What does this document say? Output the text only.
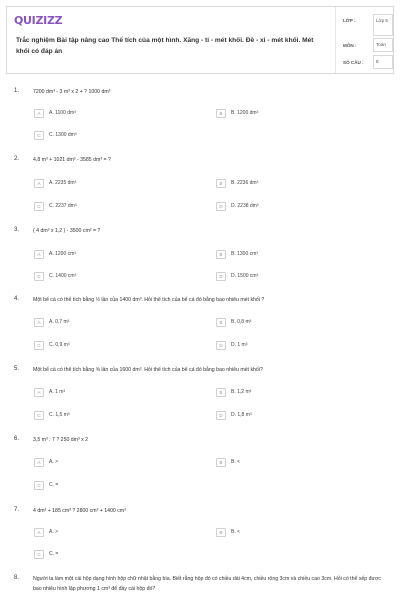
QUIZIZZ
Trắc nghiệm Bài tập nâng cao Thể tích của một hình. Xăng - ti - mét khối. Đề - xi - mét khối. Mét khối có đáp án
LỚP :	Lớp 5
MÔN :	Toán
SỐ CÂU :	8
1.	7200 dm³ - 3 m³ x 2 + ? 1000 dm³
A	A. 1100 dm³	B	B. 1200 dm³
C	C. 1300 dm³
2.	4,8 m³ + 1021 dm³ - 3585 dm³ = ?
A	A. 2235 dm³	B	B. 2236 dm³
C	C. 2237 dm³	D	D. 2238 dm³
3.	( 4 dm³ x 1,2 ) - 3500 cm³ = ?
A	A. 1200 cm³	B	B. 1300 cm³
C	C. 1400 cm³	D	D. 1500 cm³
4.	Một bể cá có thể tích bằng ½ lần của 1400 dm³. Hỏi thể tích của bể cá đó bằng bao nhiêu mét khối ?
A	A. 0,7 m³	B	B. 0,8 m³
C	C. 0,9 m³	D	D. 1 m³
5.	Một bể cá có thể tích bằng ⅝ lần của 1600 dm³. Hỏi thể tích của bể cá đó bằng bao nhiêu mét khối?
A	A. 1 m³	B	B. 1,2 m³
C	C. 1,5 m³	D	D. 1,8 m³
6.	3,5 m³ : 7 ? 250 dm³ x 2
A	A. >	B	B. <
C	C. =
7.	4 dm³ + 185 cm³ ? 2800 cm³ + 1400 cm³
A	A. >	B	B. <
C	C. =
8.	Người ta làm một cái hộp dạng hình hộp chữ nhật bằng bìa. Biết rằng hộp đó có chiều dài 4cm, chiều rộng 3cm và chiều cao 3cm. Hỏi có thể xếp được bao nhiêu hình lập phương 1 cm³ để đầy cái hộp đó?
